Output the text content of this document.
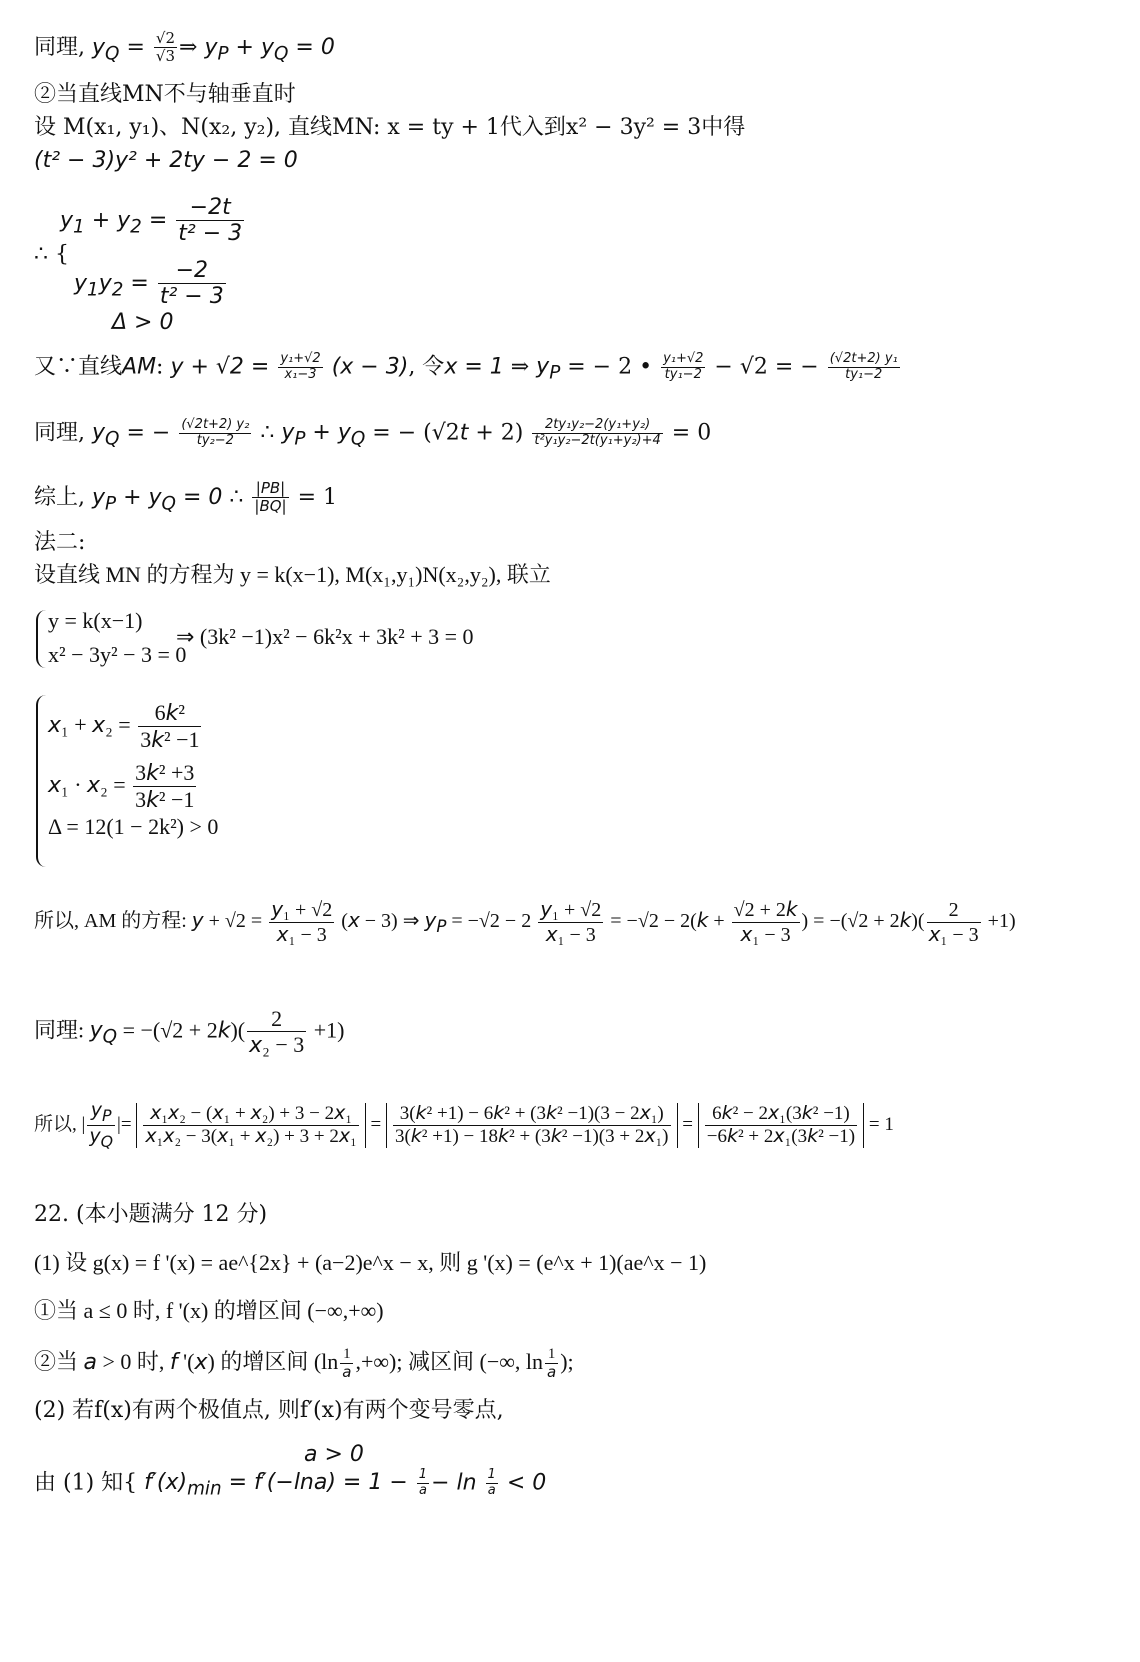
同理, $y_Q = \frac{√2}{√3}$ ⇒ $y_P + y_Q = 0$
②当直线MN不与轴垂直时
设 M(x₁, y₁)、N(x₂, y₂), 直线MN: x = ty + 1代入到x² − 3y² = 3中得
(t² − 3)y² + 2ty − 2 = 0
$y_1 + y_2 = \frac{-2t}{\text{t² − 3}}$
∴ {
$y_1y_2 = \frac{-2}{\text{t² − 3}}$
Δ > 0
又∵直线AM: $y + √2 = \frac{\text{y₁+√2}}{\text{x₁−3}} (x - 3)$, 令x = 1 ⇒ $y_P$ = − 2 • $\frac{\text{y₁+√2}}{\text{ty₁−2}} - √2$ = − $\frac{\text{(√2t+2) y₁}}{\text{ty₁−2}}$
同理, $y_Q$ = − $\frac{\text{(√2t+2) y₂}}{\text{ty₂−2}}$ ∴ $y_P + y_Q$ = − $(√2t + 2) \frac{\text{2ty₁y₂−2(y₁+y₂)}}{\text{t²y₁y₂−2t(y₁+y₂)+4}} = 0$
综上, $y_P + y_Q = 0$ ∴ $\frac{|PB|}{|BQ|} = 1$
法二:
设直线 MN 的方程为 y = k(x−1), M(x₁,y₁)N(x₂,y₂), 联立
y = k(x−1)
x² − 3y² − 3 = 0
⇒ (3k² −1)x² − 6k²x + 3k² + 3 = 0
$x_1 + x_2 = \frac{\text{6k²}}{\text{3k² −1}}$
$x_1 \cdot x_2 = \frac{\text{3k² +3}}{\text{3k² −1}}$
Δ = 12(1 − 2k²) > 0
所以, AM 的方程: $y + √2 = \frac{\text{y₁ + √2}}{\text{x₁ − 3}} (x - 3)$ ⇒ $y_P = -√2 - 2 \frac{\text{y₁ + √2}}{\text{x₁ − 3}} = -√2 - 2(k + \frac{√2 + 2k}{\text{x₁ − 3}}$ ) = $-(√2 + 2k)( \frac{2}{\text{x₁ − 3}} +1)$
同理: $y_Q = -(√2 + 2k)( \frac{2}{\text{x₂ − 3}} +1)$
所以, | $\frac{y_P}{y_Q}$ |= $\frac{\text{x₁x₂ − (x₁ + x₂) + 3 − 2x₁}}{\text{x₁x₂ − 3(x₁ + x₂) + 3 + 2x₁}} = \frac{\text{3(k² +1) − 6k² + (3k² −1)(3 − 2x₁)}}{\text{3(k² +1) − 18k² + (3k² −1)(3 + 2x₁)}} = \frac{\text{6k² − 2x₁(3k² −1)}}{\text{−6k² + 2x₁(3k² −1)}} = 1$
22. (本小题满分 12 分)
(1) 设 g(x) = f '(x) = ae^{2x} + (a−2)e^x − x, 则 g '(x) = (e^x + 1)(ae^x − 1)
①当 a ≤ 0 时, f '(x) 的增区间 (−∞,+∞)
②当 a > 0 时, f '(x) 的增区间 ($\ln \frac{1}{a}$ ,+∞); 减区间 (−∞, $\ln \frac{1}{a}$ );
(2) 若f(x)有两个极值点, 则f′(x)有两个变号零点,
a > 0
由 (1) 知{ $f'(x)_{min} = f'(-\ln a) = 1 - \frac{1}{a} - \ln \frac{1}{a} < 0$
